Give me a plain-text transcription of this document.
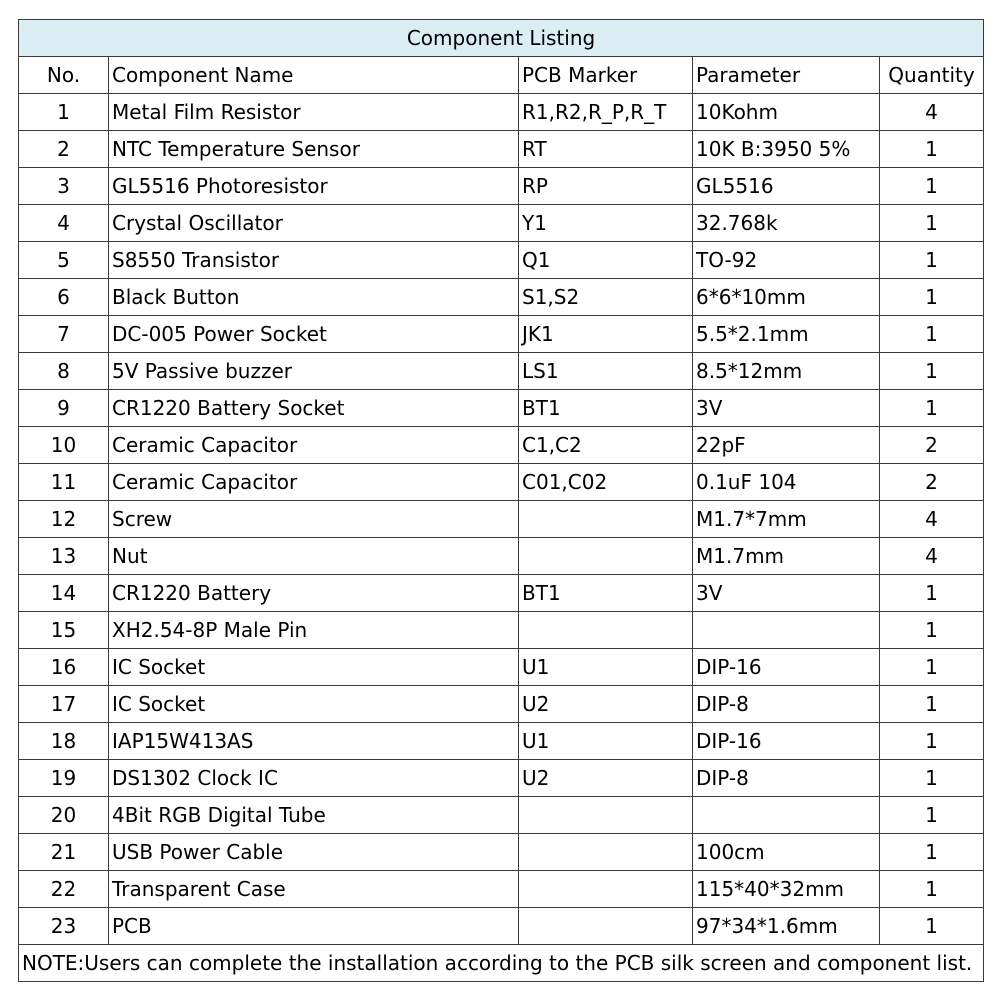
Component Listing				
No.	Component Name	PCB Marker	Parameter	Quantity
1	Metal Film Resistor	R1,R2,R_P,R_T	10Kohm	4
2	NTC Temperature Sensor	RT	10K B:3950 5%	1
3	GL5516 Photoresistor	RP	GL5516	1
4	Crystal Oscillator	Y1	32.768k	1
5	S8550 Transistor	Q1	TO-92	1
6	Black Button	S1,S2	6*6*10mm	1
7	DC-005 Power Socket	JK1	5.5*2.1mm	1
8	5V Passive buzzer	LS1	8.5*12mm	1
9	CR1220 Battery Socket	BT1	3V	1
10	Ceramic Capacitor	C1,C2	22pF	2
11	Ceramic Capacitor	C01,C02	0.1uF 104	2
12	Screw		M1.7*7mm	4
13	Nut		M1.7mm	4
14	CR1220 Battery	BT1	3V	1
15	XH2.54-8P Male Pin			1
16	IC Socket	U1	DIP-16	1
17	IC Socket	U2	DIP-8	1
18	IAP15W413AS	U1	DIP-16	1
19	DS1302 Clock IC	U2	DIP-8	1
20	4Bit RGB Digital Tube			1
21	USB Power Cable		100cm	1
22	Transparent Case		115*40*32mm	1
23	PCB		97*34*1.6mm	1
NOTE:Users can complete the installation according to the PCB silk screen and component list.				
